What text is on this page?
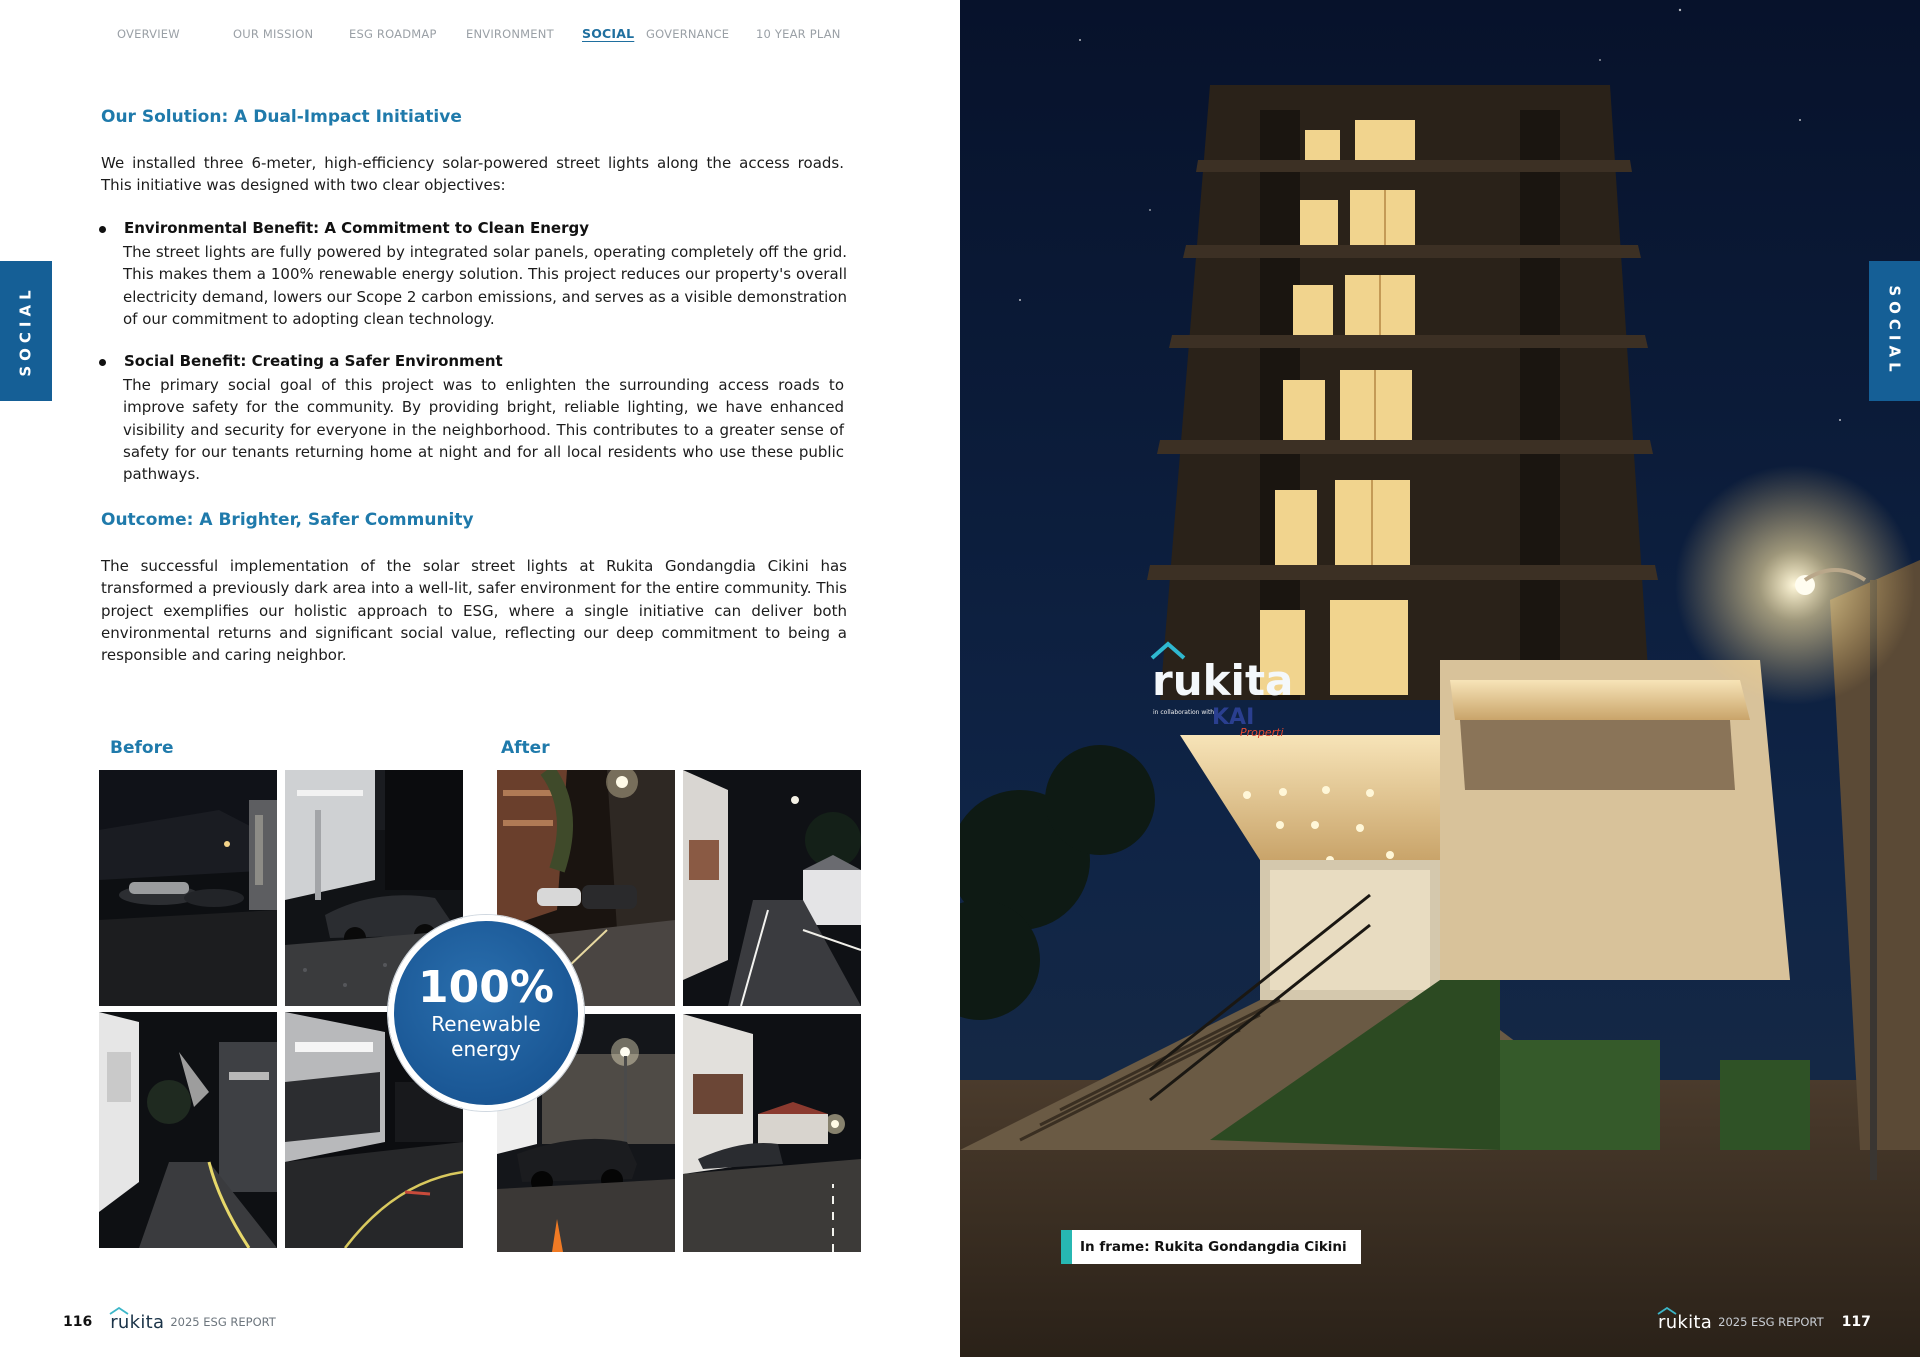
OVERVIEW	OUR MISSION	ESG ROADMAP	ENVIRONMENT SOCIAL GOVERNANCE 10 YEAR PLAN
SOCIAL
Our Solution: A Dual-Impact Initiative

We installed three 6-meter, high-efficiency solar-powered street lights along the access roads. This initiative was designed with two clear objectives:

Environmental Benefit: A Commitment to Clean Energy

The street lights are fully powered by integrated solar panels, operating completely off the grid. This makes them a 100% renewable energy solution. This project reduces our property's overall electricity demand, lowers our Scope 2 carbon emissions, and serves as a visible demonstration of our commitment to adopting clean technology.

Social Benefit: Creating a Safer Environment

The primary social goal of this project was to enlighten the surrounding access roads to improve safety for the community. By providing bright, reliable lighting, we have enhanced visibility and security for everyone in the neighborhood. This contributes to a greater sense of safety for our tenants returning home at night and for all local residents who use these public pathways.

Outcome: A Brighter, Safer Community

The successful implementation of the solar street lights at Rukita Gondangdia Cikini has transformed a previously dark area into a well-lit, safer environment for the entire community. This project exemplifies our holistic approach to ESG, where a single initiative can deliver both environmental returns and significant social value, reflecting our deep commitment to being a responsible and caring neighbor.

Before	After
100%
Renewable
energy
116 rukita 2025 ESG REPORT
rukita
in collaboration with
KAI
Properti
SOCIAL
In frame: Rukita Gondangdia Cikini
rukita 2025 ESG REPORT 117
